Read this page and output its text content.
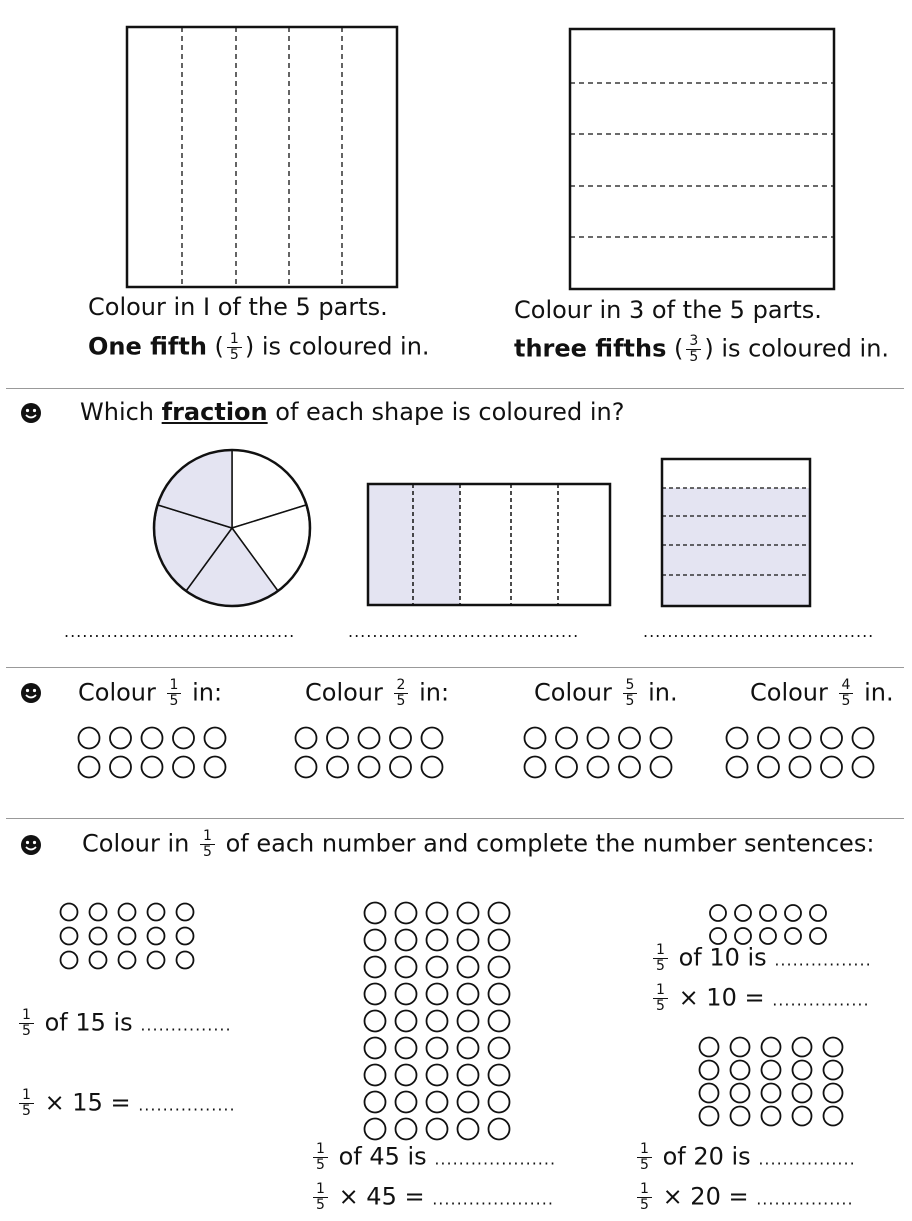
Colour in I of the 5 parts.
One fifth ( $\frac{1}{5}$ ) is coloured in.
Colour in 3 of the 5 parts.
three fifths ( $\frac{3}{5}$ ) is coloured in.
Which fraction of each shape is coloured in?
......................................	......................................	......................................
Colour $\frac{1}{5}$ in:	Colour $\frac{2}{5}$ in:	Colour $\frac{5}{5}$ in.	Colour $\frac{4}{5}$ in.
Colour in $\frac{1}{5}$ of each number and complete the number sentences:
$\frac{1}{5}$ of 15 is ...............
$\frac{1}{5} \times 15$ = ................
$\frac{1}{5}$ of 45 is ....................
$\frac{1}{5} \times 45$ = ....................
$\frac{1}{5}$ of 10 is ................
$\frac{1}{5} \times 10$ = ................
$\frac{1}{5}$ of 20 is ................
$\frac{1}{5} \times 20$ = ................
